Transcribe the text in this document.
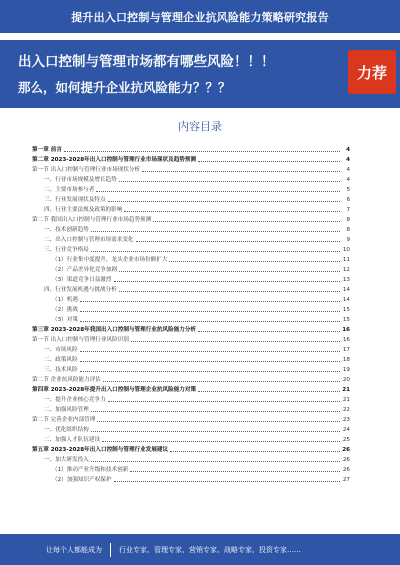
提升出入口控制与管理企业抗风险能力策略研究报告
出入口控制与管理市场都有哪些风险！！！
那么，如何提升企业抗风险能力？？？
力荐
内容目录
第一章 前言	4
第二章 2023-2028年出入口控制与管理行业市场现状及趋势预测	4
第一节 出入口控制与管理行业市场现状分析	4
一、行业市场规模及增长趋势	4
二、主要市场参与者	5
三、行业发展现状及特点	6
四、行业主要法规及政策的影响	7
第二节 我国出入口控制与管理行业市场趋势预测	8
一、技术创新趋势	8
二、出入口控制与管理市场需求变化	9
三、行业竞争格局	10
（1）行业集中度提升，龙头企业市场份额扩大	11
（2）产品差异化竞争加剧	12
（3）渠道竞争日益激烈	13
四、行业发展机遇与挑战分析	14
（1）机遇	14
（2）挑战	15
（3）对策	15
第三章 2023-2028年我国出入口控制与管理行业抗风险能力分析	16
第一节 出入口控制与管理行业风险识别	16
一、市场风险	17
二、政策风险	18
三、技术风险	19
第二节 企业抗风险能力评估	20
第四章 2023-2028年提升出入口控制与管理企业抗风险能力对策	21
一、提升企业核心竞争力	21
二、加强风险管理	22
第二节 完善企业内部管理	23
一、优化组织结构	24
二、加强人才队伍建设	25
第五章 2023-2028年出入口控制与管理行业发展建议	26
一、加大研发投入	26
（1）推动产业升级和技术创新	26
（2）加强知识产权保护	27
让每个人都能成为 行业专家、管理专家、营销专家、战略专家、投资专家……
